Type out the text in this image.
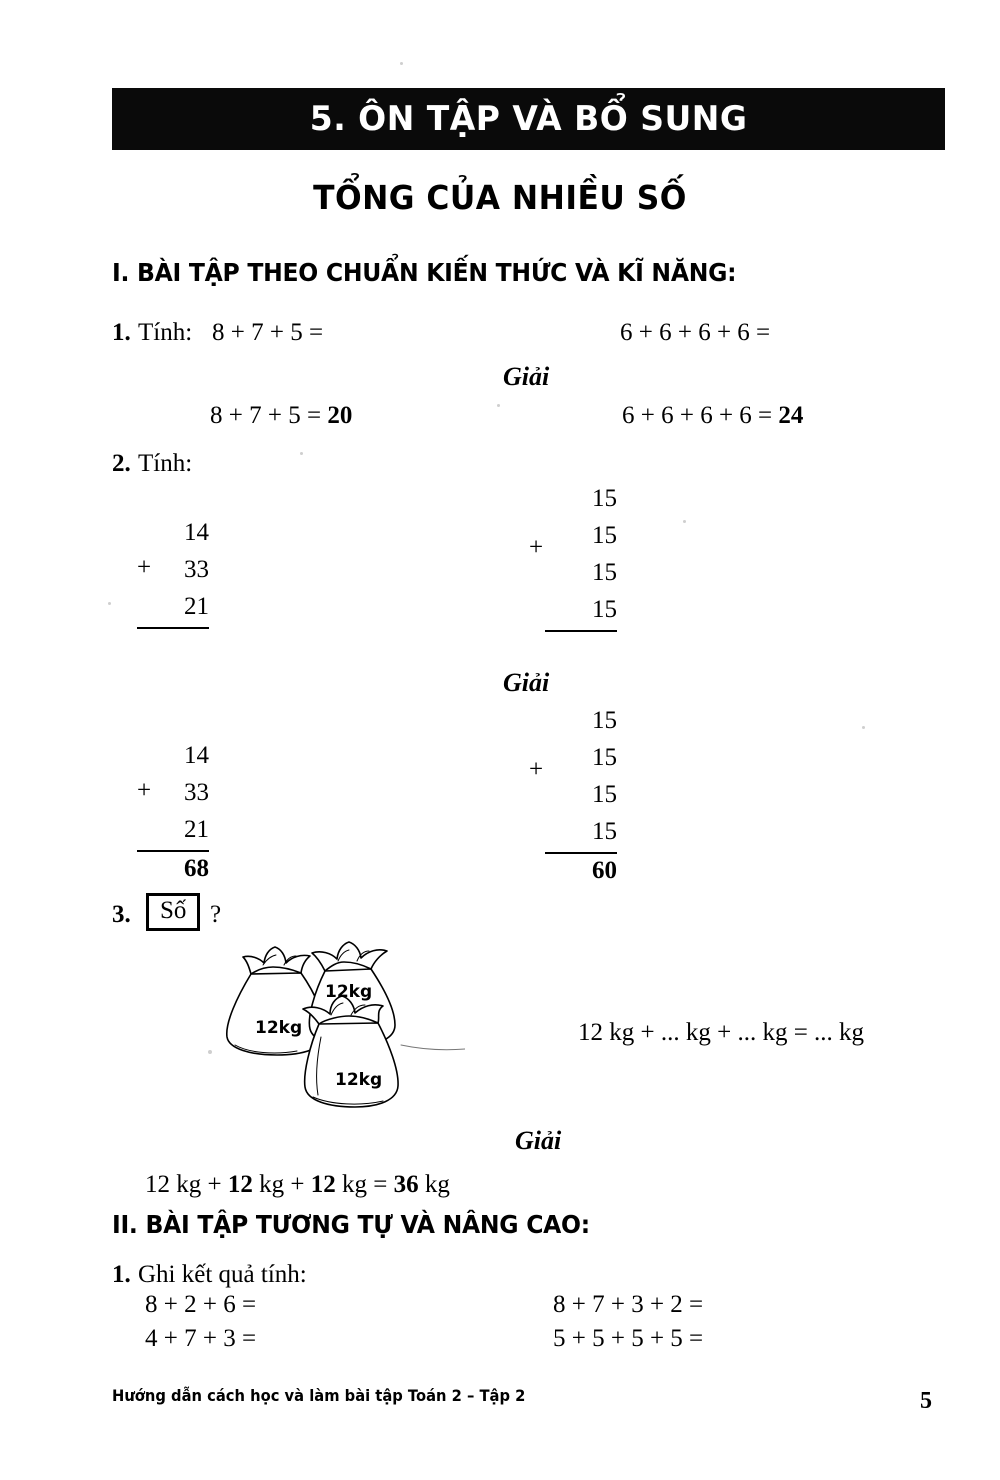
5. ÔN TẬP VÀ BỔ SUNG
TỔNG CỦA NHIỀU SỐ
I. BÀI TẬP THEO CHUẨN KIẾN THỨC VÀ KĨ NĂNG:
1. Tính: 8 + 7 + 5 =	6 + 6 + 6 + 6 =
Giải
8 + 7 + 5 = 20	6 + 6 + 6 + 6 = 24
2. Tính:
+
14
33
21
+
15
15
15
15
Giải
+
14
33
21
68
+
15
15
15
15
60
3.	Số ?
12kg
12kg
12kg
12 kg + ... kg + ... kg = ... kg
Giải
12 kg + 12 kg + 12 kg = 36 kg
II. BÀI TẬP TƯƠNG TỰ VÀ NÂNG CAO:
1. Ghi kết quả tính:
8 + 2 + 6 =	8 + 7 + 3 + 2 =
4 + 7 + 3 =	5 + 5 + 5 + 5 =
Hướng dẫn cách học và làm bài tập Toán 2 – Tập 2	5
